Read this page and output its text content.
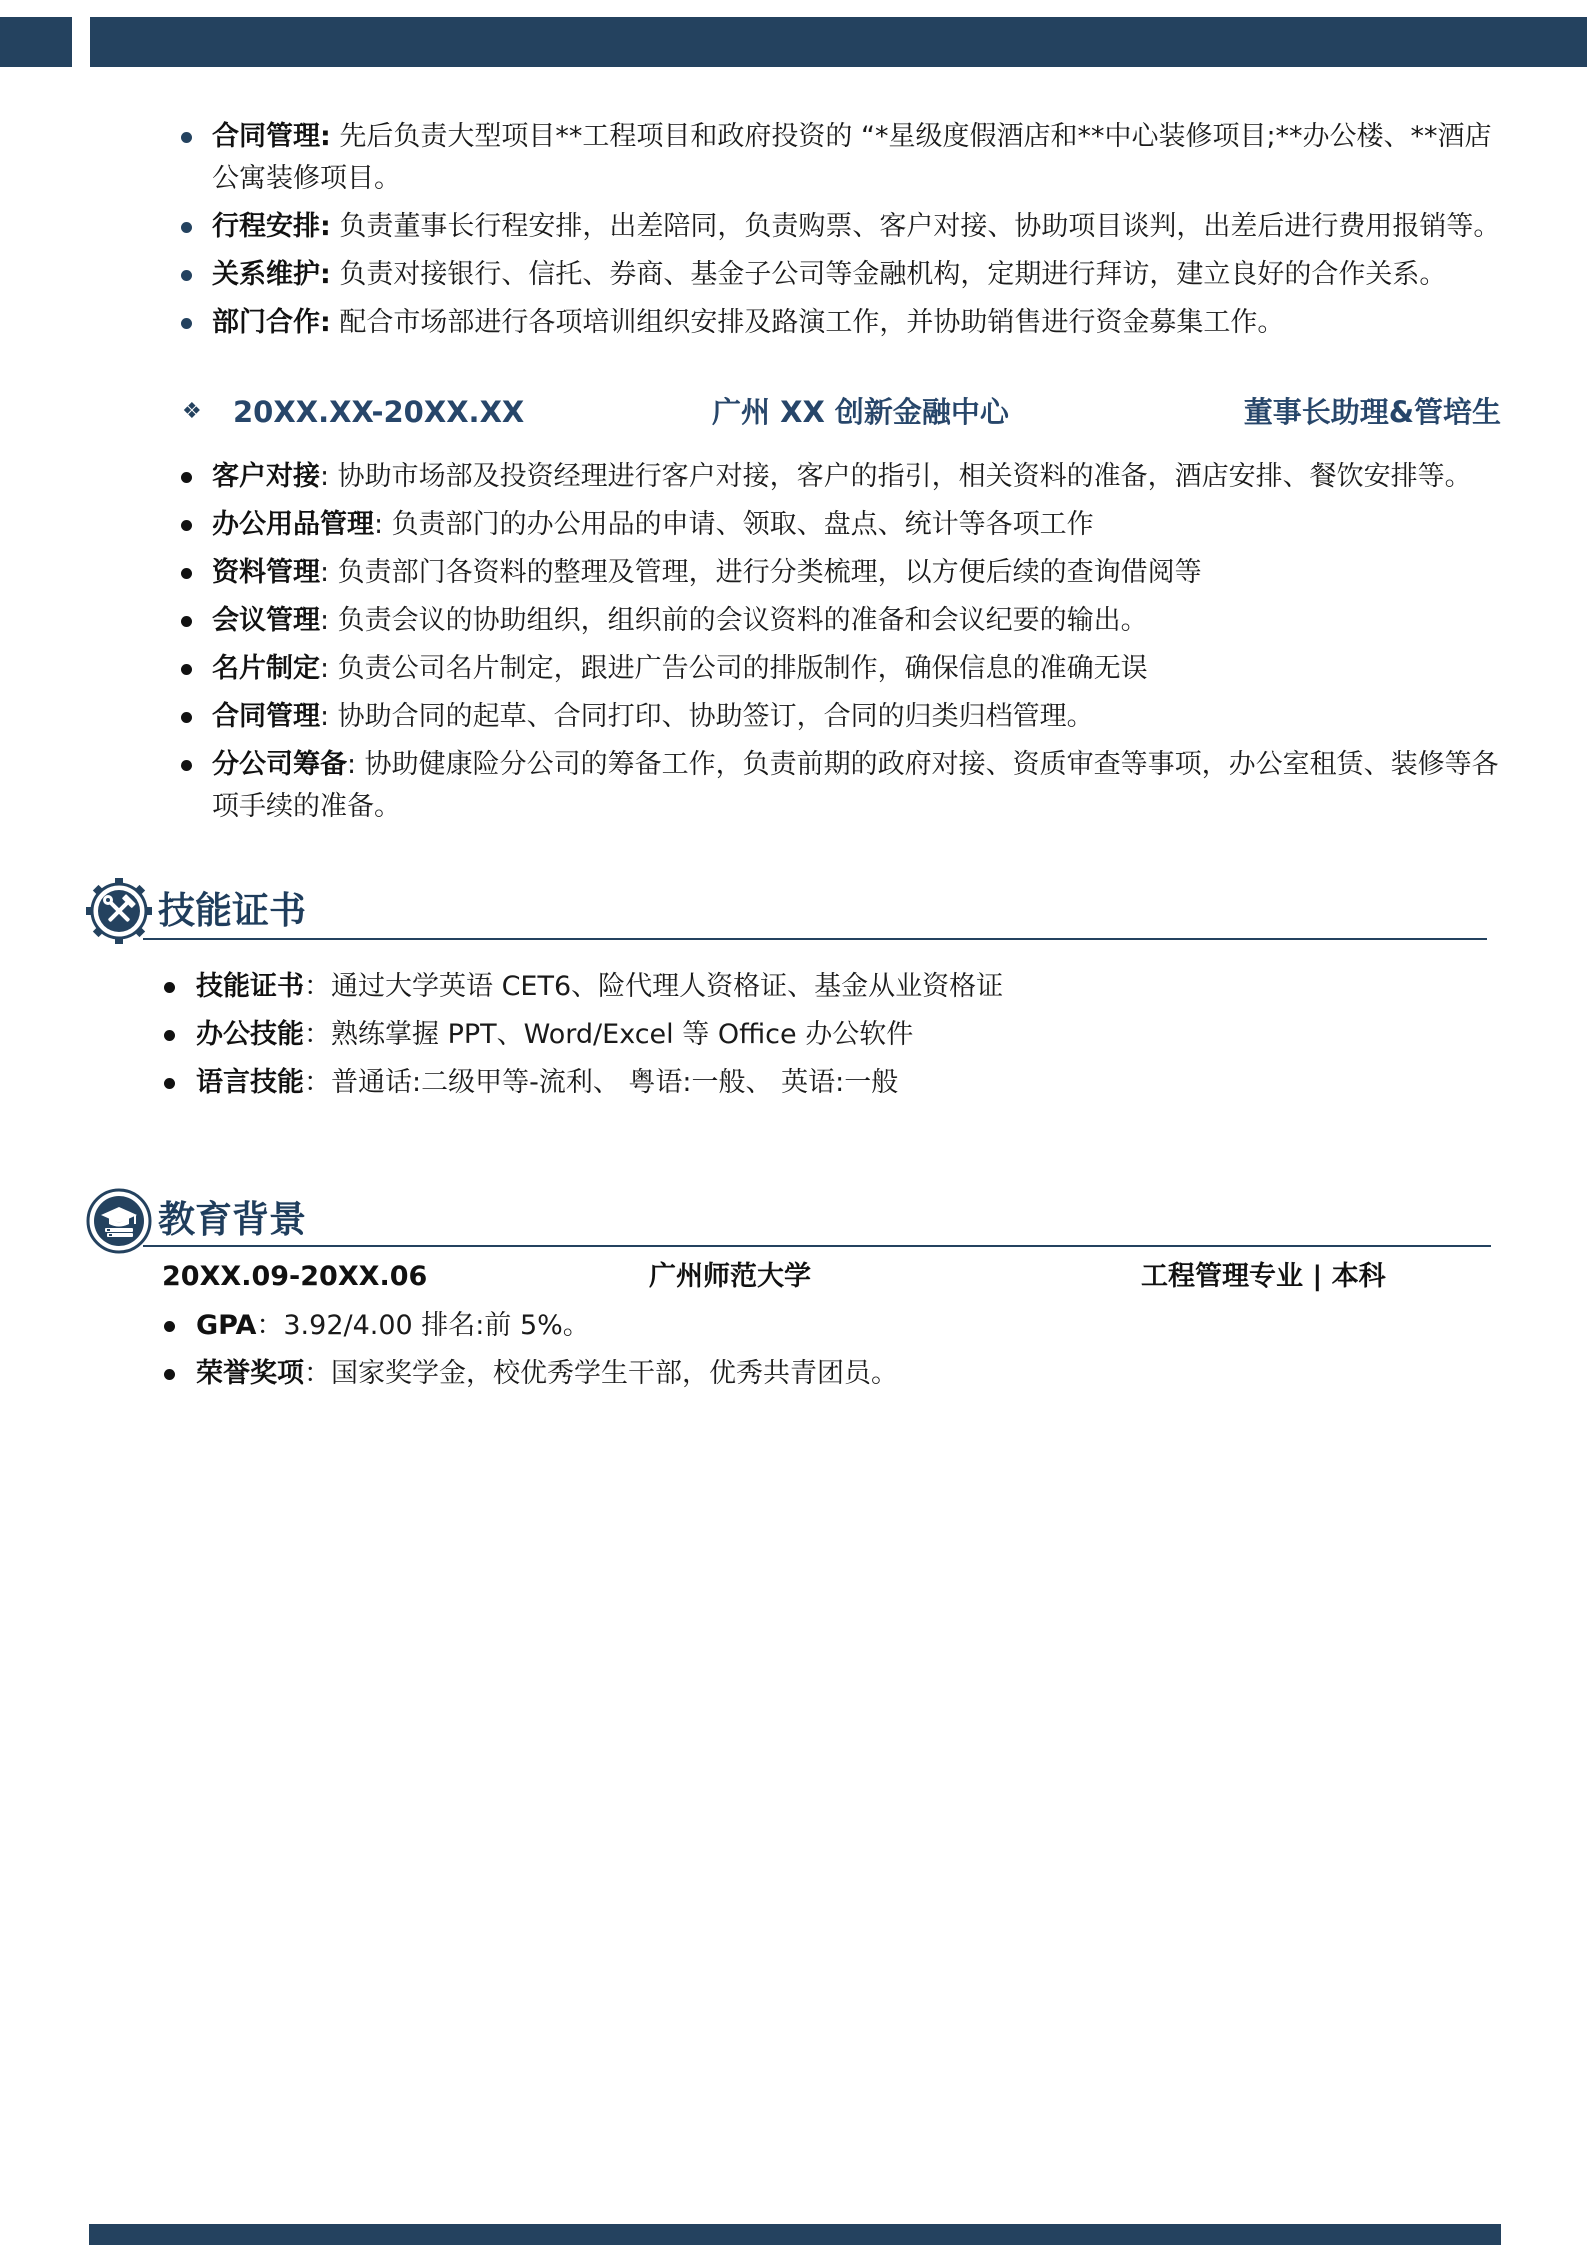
合同管理: 先后负责大型项目**工程项目和政府投资的 “*星级度假酒店和**中心装修项目;**办公楼、**酒店公寓装修项目。
行程安排: 负责董事长行程安排，出差陪同，负责购票、客户对接、协助项目谈判，出差后进行费用报销等。
关系维护: 负责对接银行、信托、券商、基金子公司等金融机构，定期进行拜访，建立良好的合作关系。
部门合作: 配合市场部进行各项培训组织安排及路演工作，并协助销售进行资金募集工作。
❖ 20XX.XX-20XX.XX	广州 XX 创新金融中心	董事长助理&管培生
客户对接: 协助市场部及投资经理进行客户对接，客户的指引，相关资料的准备，酒店安排、餐饮安排等。
办公用品管理: 负责部门的办公用品的申请、领取、盘点、统计等各项工作
资料管理: 负责部门各资料的整理及管理，进行分类梳理，以方便后续的查询借阅等
会议管理: 负责会议的协助组织，组织前的会议资料的准备和会议纪要的输出。
名片制定: 负责公司名片制定，跟进广告公司的排版制作，确保信息的准确无误
合同管理: 协助合同的起草、合同打印、协助签订，合同的归类归档管理。
分公司筹备: 协助健康险分公司的筹备工作，负责前期的政府对接、资质审查等事项，办公室租赁、装修等各项手续的准备。
技能证书
技能证书：通过大学英语 CET6、险代理人资格证、基金从业资格证
办公技能：熟练掌握 PPT、Word/Excel 等 Office 办公软件
语言技能：普通话:二级甲等-流利、 粤语:一般、 英语:一般
教育背景
20XX.09-20XX.06	广州师范大学	工程管理专业 | 本科
GPA：3.92/4.00 排名:前 5%。
荣誉奖项：国家奖学金，校优秀学生干部，优秀共青团员。
